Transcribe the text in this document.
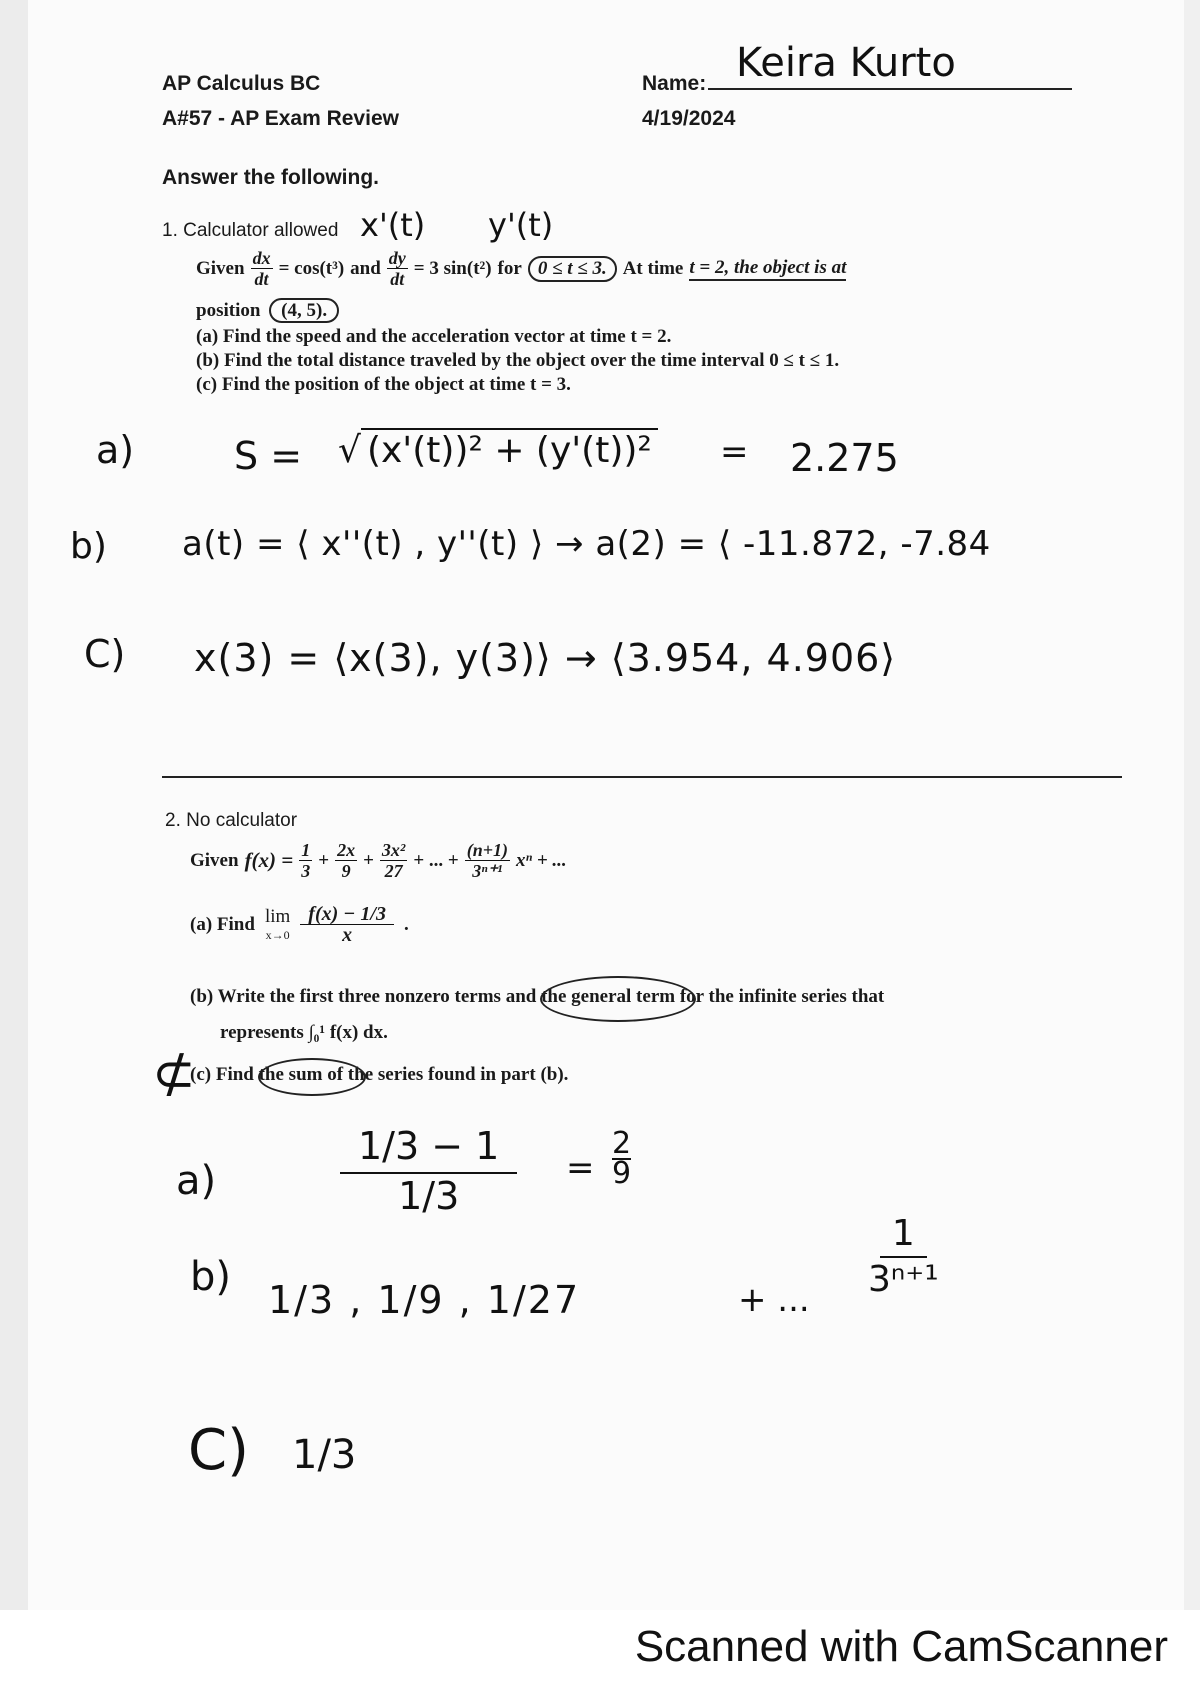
AP Calculus BC
A#57 - AP Exam Review
Name: Keira Kurto
4/19/2024
Answer the following.
1. Calculator allowed x'(t) y'(t)
Given $\frac{dx}{dt} = \cos(t^3)$ and $\frac{dy}{dt} = 3$ sin(t²) for 0 ≤ t ≤ 3. At time t = 2, the object is at
position (4, 5).
(a) Find the speed and the acceleration vector at time t = 2.
(b) Find the total distance traveled by the object over the time interval 0 ≤ t ≤ 1.
(c) Find the position of the object at time t = 3.
a)	S = √ (x'(t))² + (y'(t))² = 2.275
b) a(t) = ⟨ x''(t) , y''(t) ⟩ → a(2) = ⟨ -11.872, -7.84
C) x(3) = ⟨x(3), y(3)⟩ → ⟨3.954, 4.906⟩
2. No calculator
Given $f(x) = \frac{1}{3} + \frac{2x}{9} + \frac{\text{3x²}}{27}$ + ... + $\frac{(n+1)}{\text{3ⁿ⁺¹}}$ xⁿ + ...
(a) Find lim
$x\to 0 \frac{f(x) - 1/3}{x}$ .
(b) Write the first three nonzero terms and the general term for the infinite series that
represents ∫₀¹ f(x) dx.
⊄
(c) Find the sum of the series found in part (b).
a)
1/3 − 1
1/3
=
2
9
b) 1/3 , 1/9 , 1/27	+ ...
1
3ⁿ⁺¹
C) 1/3
Scanned with CamScanner
